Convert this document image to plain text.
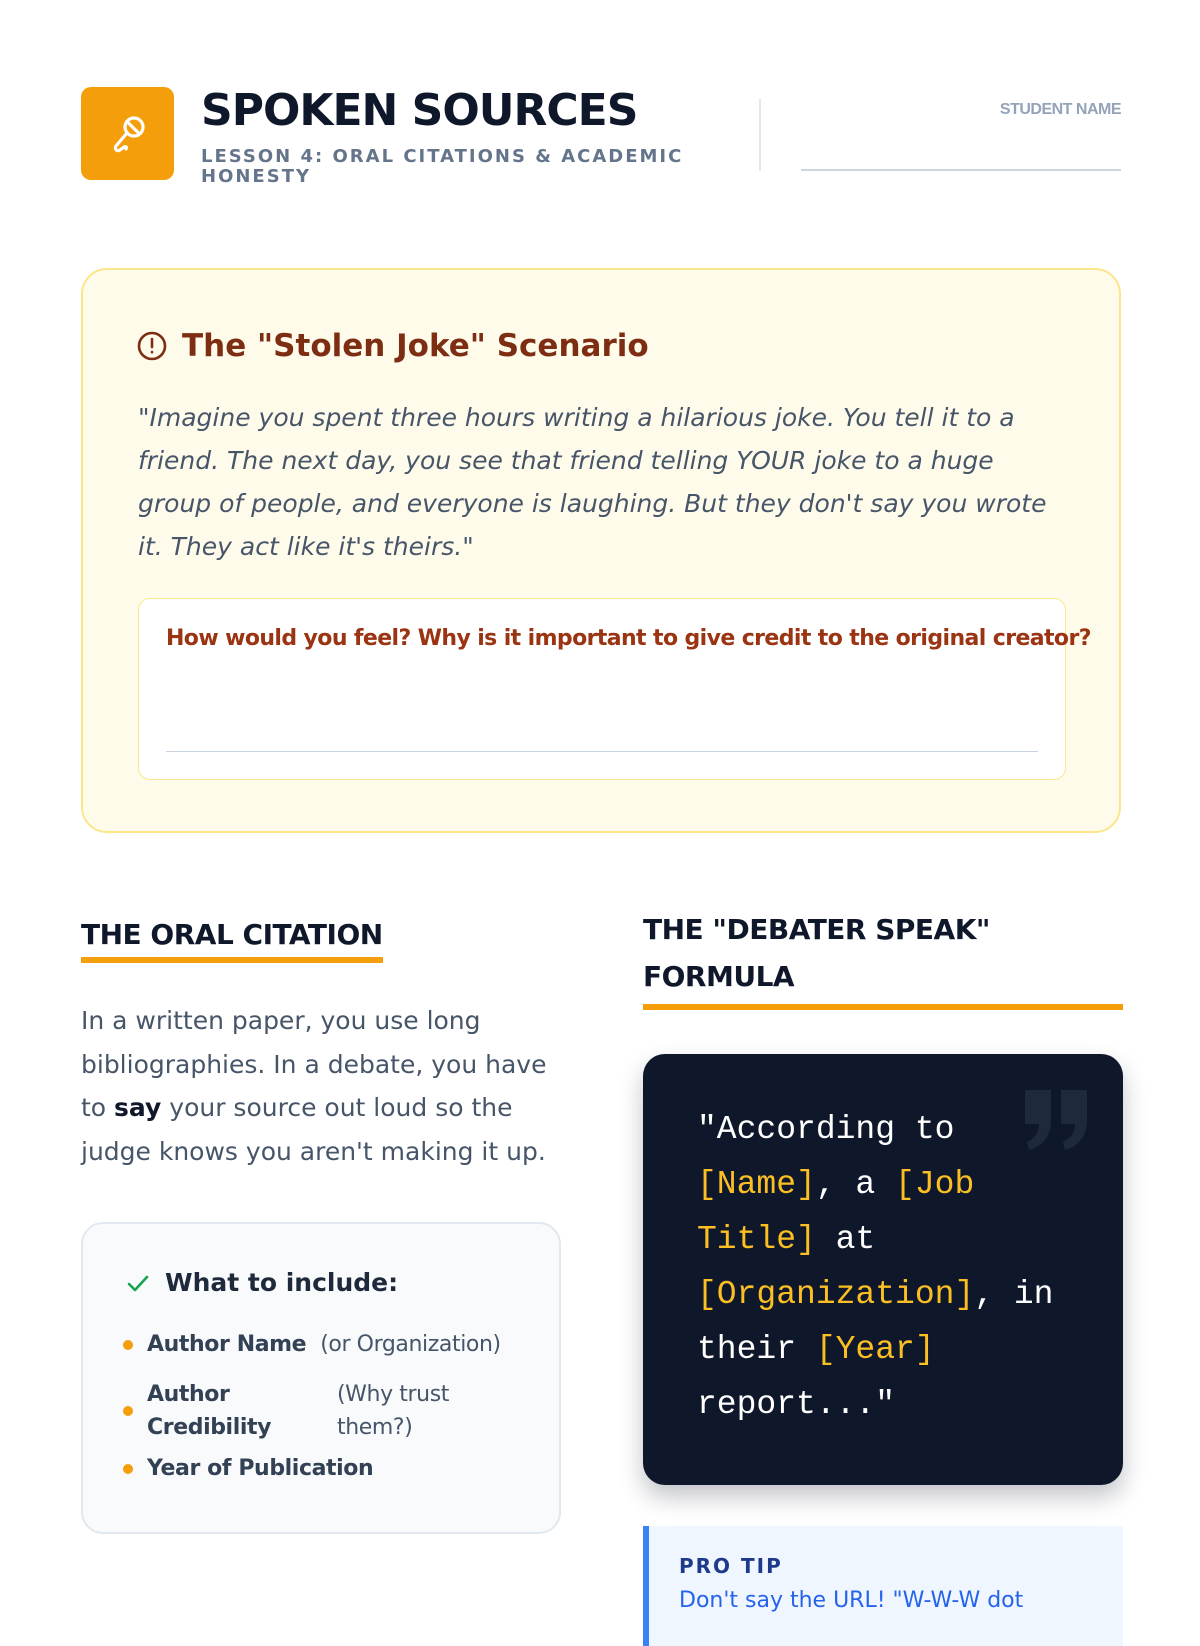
SPOKEN SOURCES
LESSON 4: ORAL CITATIONS & ACADEMIC HONESTY
STUDENT NAME
The "Stolen Joke" Scenario
"Imagine you spent three hours writing a hilarious joke. You tell it to a friend. The next day, you see that friend telling YOUR joke to a huge group of people, and everyone is laughing. But they don't say you wrote it. They act like it's theirs."
How would you feel? Why is it important to give credit to the original creator?
THE ORAL CITATION

In a written paper, you use long bibliographies. In a debate, you have to say your source out loud so the judge knows you aren't making it up.

What to include:
Author Name (or Organization)
Author Credibility
(Why trust them?)
Year of Publication
THE "DEBATER SPEAK" FORMULA
"According to [Name], a [Job Title] at [Organization], in their [Year] report..."
PRO TIP
Don't say the URL! "W-W-W dot
